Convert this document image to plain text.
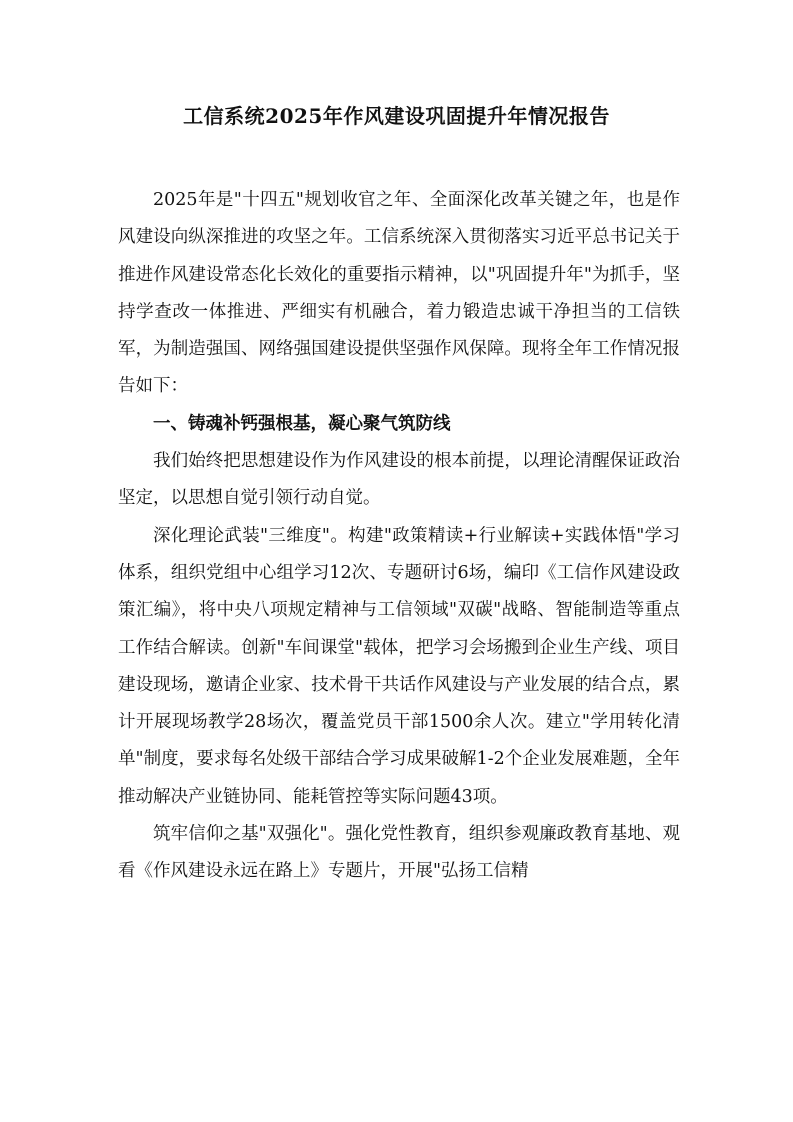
工信系统2025年作风建设巩固提升年情况报告

2025年是"十四五"规划收官之年、全面深化改革关键之年，也是作风建设向纵深推进的攻坚之年。工信系统深入贯彻落实习近平总书记关于推进作风建设常态化长效化的重要指示精神，以"巩固提升年"为抓手，坚持学查改一体推进、严细实有机融合，着力锻造忠诚干净担当的工信铁军，为制造强国、网络强国建设提供坚强作风保障。现将全年工作情况报告如下：

一、铸魂补钙强根基，凝心聚气筑防线

我们始终把思想建设作为作风建设的根本前提，以理论清醒保证政治坚定，以思想自觉引领行动自觉。

深化理论武装"三维度"。构建"政策精读+行业解读+实践体悟"学习体系，组织党组中心组学习12次、专题研讨6场，编印《工信作风建设政策汇编》，将中央八项规定精神与工信领域"双碳"战略、智能制造等重点工作结合解读。创新"车间课堂"载体，把学习会场搬到企业生产线、项目建设现场，邀请企业家、技术骨干共话作风建设与产业发展的结合点，累计开展现场教学28场次，覆盖党员干部1500余人次。建立"学用转化清单"制度，要求每名处级干部结合学习成果破解1-2个企业发展难题，全年推动解决产业链协同、能耗管控等实际问题43项。

筑牢信仰之基"双强化"。强化党性教育，组织参观廉政教育基地、观看《作风建设永远在路上》专题片，开展"弘扬工信精
